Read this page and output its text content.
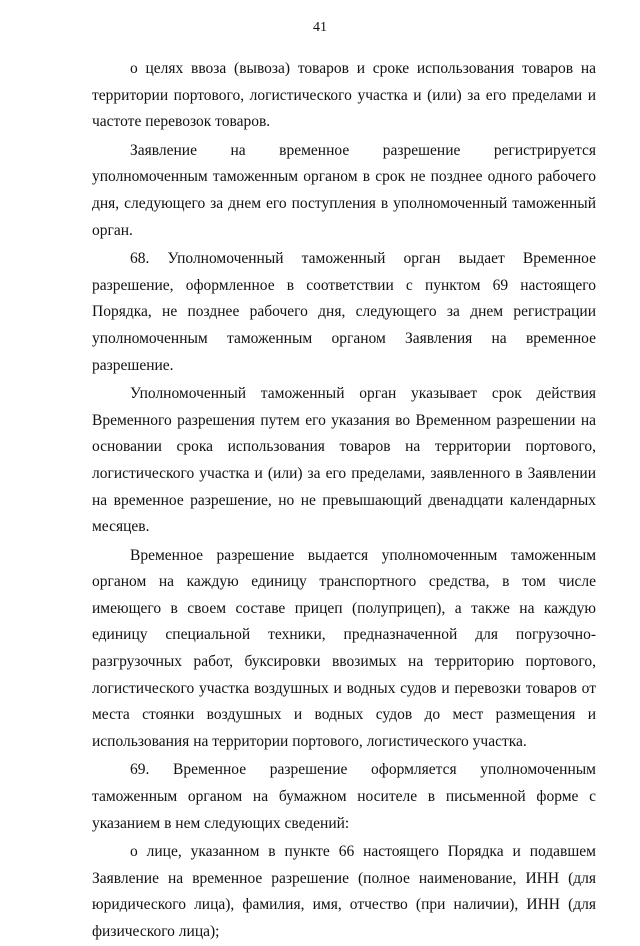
41

о целях ввоза (вывоза) товаров и сроке использования товаров на территории портового, логистического участка и (или) за его пределами и частоте перевозок товаров.

Заявление на временное разрешение регистрируется уполномоченным таможенным органом в срок не позднее одного рабочего дня, следующего за днем его поступления в уполномоченный таможенный орган.

68. Уполномоченный таможенный орган выдает Временное разрешение, оформленное в соответствии с пунктом 69 настоящего Порядка, не позднее рабочего дня, следующего за днем регистрации уполномоченным таможенным органом Заявления на временное разрешение.

Уполномоченный таможенный орган указывает срок действия Временного разрешения путем его указания во Временном разрешении на основании срока использования товаров на территории портового, логистического участка и (или) за его пределами, заявленного в Заявлении на временное разрешение, но не превышающий двенадцати календарных месяцев.

Временное разрешение выдается уполномоченным таможенным органом на каждую единицу транспортного средства, в том числе имеющего в своем составе прицеп (полуприцеп), а также на каждую единицу специальной техники, предназначенной для погрузочно-разгрузочных работ, буксировки ввозимых на территорию портового, логистического участка воздушных и водных судов и перевозки товаров от места стоянки воздушных и водных судов до мест размещения и использования на территории портового, логистического участка.

69. Временное разрешение оформляется уполномоченным таможенным органом на бумажном носителе в письменной форме с указанием в нем следующих сведений:

о лице, указанном в пункте 66 настоящего Порядка и подавшем Заявление на временное разрешение (полное наименование, ИНН (для юридического лица), фамилия, имя, отчество (при наличии), ИНН (для физического лица);
